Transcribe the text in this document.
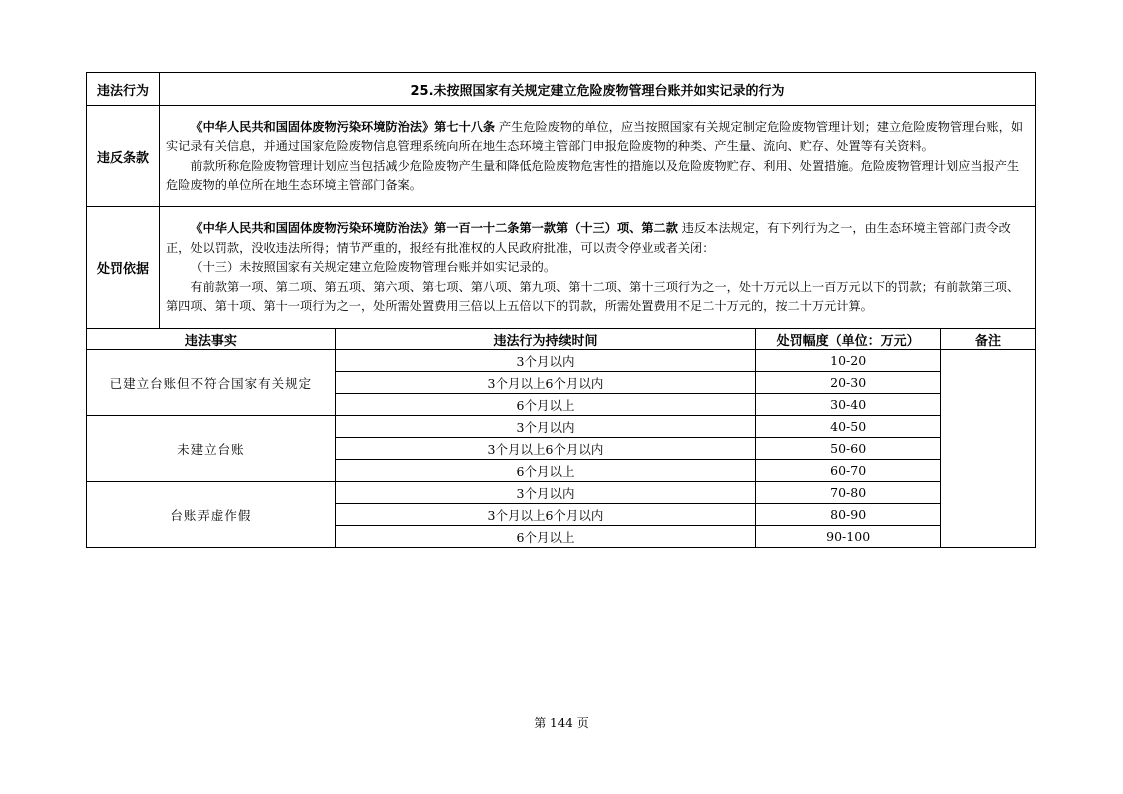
违法行为	25.未按照国家有关规定建立危险废物管理台账并如实记录的行为
违反条款	《中华人民共和国固体废物污染环境防治法》第七十八条 产生危险废物的单位，应当按照国家有关规定制定危险废物管理计划；建立危险废物管理台账，如实记录有关信息，并通过国家危险废物信息管理系统向所在地生态环境主管部门申报危险废物的种类、产生量、流向、贮存、处置等有关资料。
前款所称危险废物管理计划应当包括减少危险废物产生量和降低危险废物危害性的措施以及危险废物贮存、利用、处置措施。危险废物管理计划应当报产生危险废物的单位所在地生态环境主管部门备案。

处罚依据	《中华人民共和国固体废物污染环境防治法》第一百一十二条第一款第（十三）项、第二款 违反本法规定，有下列行为之一，由生态环境主管部门责令改正，处以罚款，没收违法所得；情节严重的，报经有批准权的人民政府批准，可以责令停业或者关闭：
（十三）未按照国家有关规定建立危险废物管理台账并如实记录的。
有前款第一项、第二项、第五项、第六项、第七项、第八项、第九项、第十二项、第十三项行为之一，处十万元以上一百万元以下的罚款；有前款第三项、第四项、第十项、第十一项行为之一，处所需处置费用三倍以上五倍以下的罚款，所需处置费用不足二十万元的，按二十万元计算。
违法事实	违法行为持续时间	处罚幅度（单位：万元）	备注
已建立台账但不符合国家有关规定	3个月以内	10-20	
	3个月以上6个月以内	20-30	
	6个月以上	30-40	
未建立台账	3个月以内	40-50	
	3个月以上6个月以内	50-60	
	6个月以上	60-70	
台账弄虚作假	3个月以内	70-80	
	3个月以上6个月以内	80-90	
	6个月以上	90-100	
第 144 页
